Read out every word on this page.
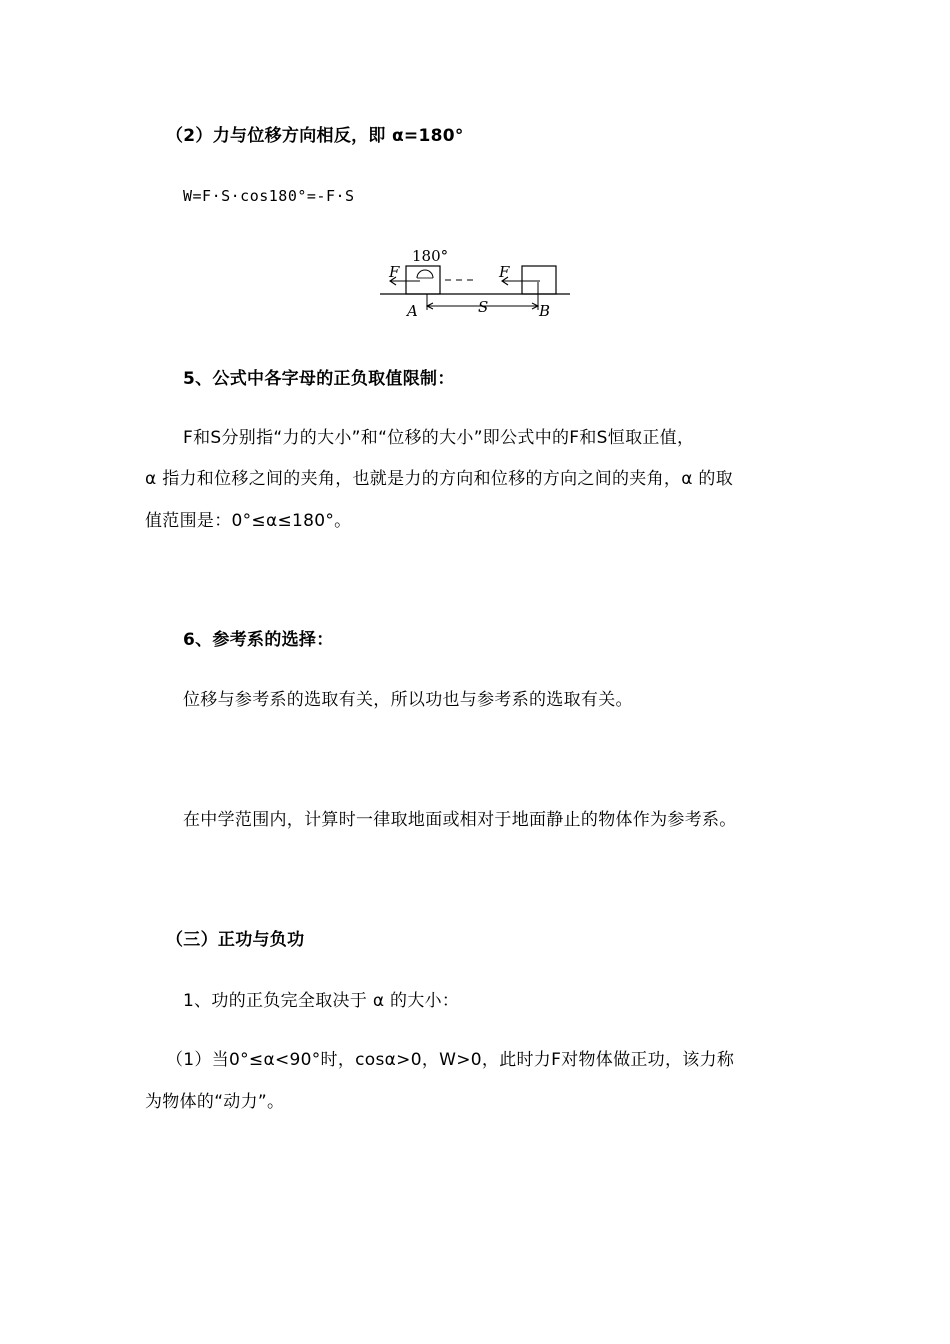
（2）力与位移方向相反，即 α=180°
W=F·S·cos180°=-F·S
180°
F	F
A	S	B
5、公式中各字母的正负取值限制：
F和S分别指“力的大小”和“位移的大小”即公式中的F和S恒取正值，
α 指力和位移之间的夹角，也就是力的方向和位移的方向之间的夹角，α 的取
值范围是：0°≤α≤180°。
6、参考系的选择：
位移与参考系的选取有关，所以功也与参考系的选取有关。
在中学范围内，计算时一律取地面或相对于地面静止的物体作为参考系。
（三）正功与负功
1、功的正负完全取决于 α 的大小：
（1）当0°≤α<90°时，cosα>0，W>0，此时力F对物体做正功，该力称
为物体的“动力”。
